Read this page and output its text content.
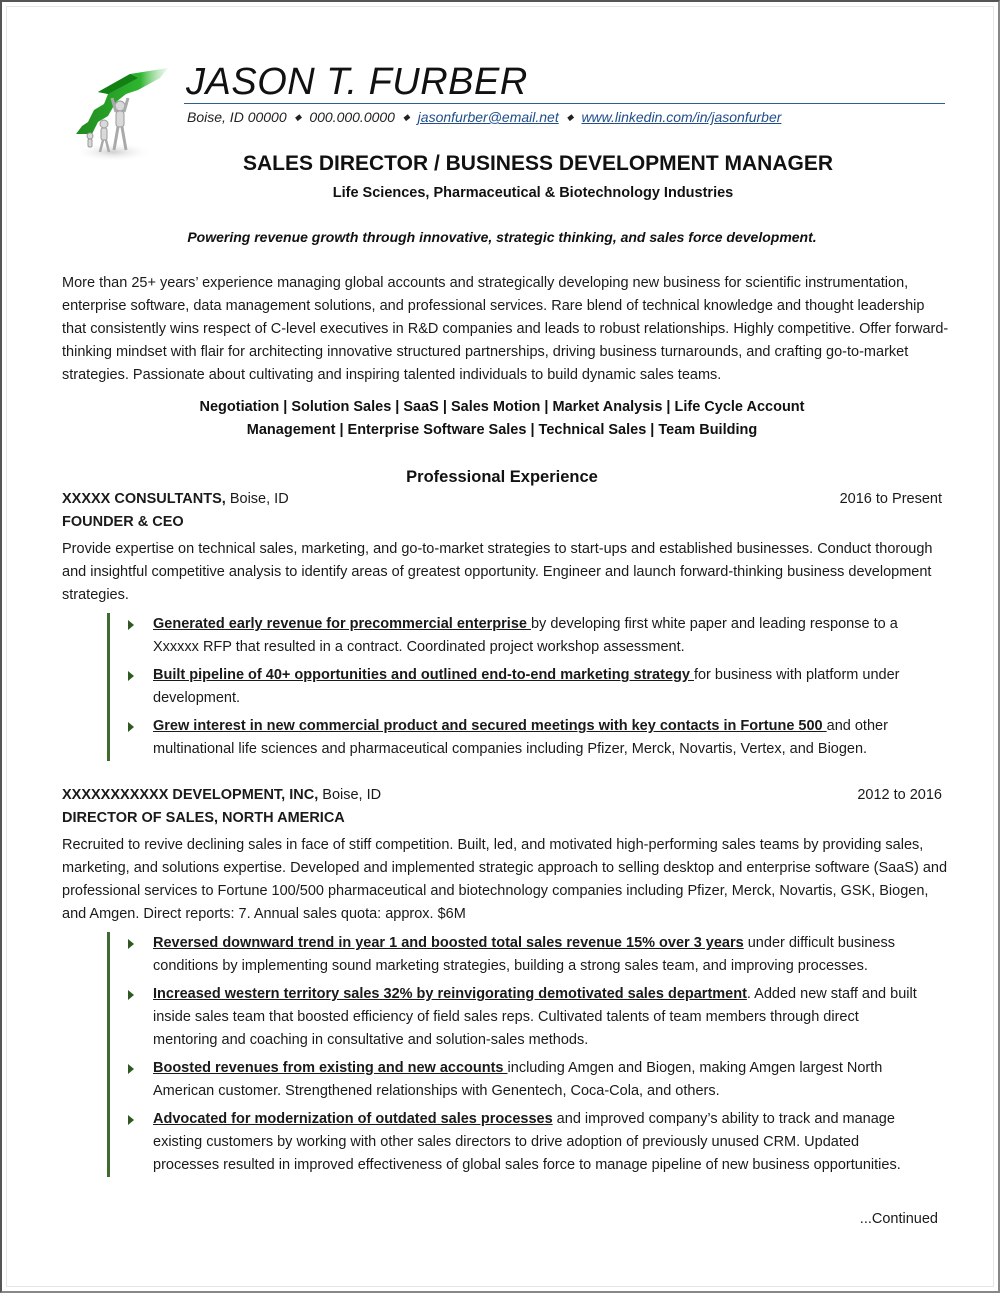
JASON T. FURBER
Boise, ID 00000 ◆ 000.000.0000 ◆ jasonfurber@email.net ◆ www.linkedin.com/in/jasonfurber
SALES DIRECTOR / BUSINESS DEVELOPMENT MANAGER
Life Sciences, Pharmaceutical & Biotechnology Industries
Powering revenue growth through innovative, strategic thinking, and sales force development.
More than 25+ years’ experience managing global accounts and strategically developing new business for scientific instrumentation, enterprise software, data management solutions, and professional services. Rare blend of technical knowledge and thought leadership that consistently wins respect of C-level executives in R&D companies and leads to robust relationships. Highly competitive. Offer forward-thinking mindset with flair for architecting innovative structured partnerships, driving business turnarounds, and crafting go-to-market strategies. Passionate about cultivating and inspiring talented individuals to build dynamic sales teams.
Negotiation | Solution Sales | SaaS | Sales Motion | Market Analysis | Life Cycle Account
Management | Enterprise Software Sales | Technical Sales | Team Building
Professional Experience
XXXXX CONSULTANTS, Boise, ID	2016 to Present
FOUNDER & CEO
Provide expertise on technical sales, marketing, and go-to-market strategies to start-ups and established businesses. Conduct thorough and insightful competitive analysis to identify areas of greatest opportunity. Engineer and launch forward-thinking business development strategies.
Generated early revenue for precommercial enterprise by developing first white paper and leading response to a Xxxxxx RFP that resulted in a contract. Coordinated project workshop assessment.
Built pipeline of 40+ opportunities and outlined end-to-end marketing strategy for business with platform under development.
Grew interest in new commercial product and secured meetings with key contacts in Fortune 500 and other multinational life sciences and pharmaceutical companies including Pfizer, Merck, Novartis, Vertex, and Biogen.
XXXXXXXXXXX DEVELOPMENT, INC, Boise, ID	2012 to 2016
DIRECTOR OF SALES, NORTH AMERICA
Recruited to revive declining sales in face of stiff competition. Built, led, and motivated high-performing sales teams by providing sales, marketing, and solutions expertise. Developed and implemented strategic approach to selling desktop and enterprise software (SaaS) and professional services to Fortune 100/500 pharmaceutical and biotechnology companies including Pfizer, Merck, Novartis, GSK, Biogen, and Amgen. Direct reports: 7. Annual sales quota: approx. $6M
Reversed downward trend in year 1 and boosted total sales revenue 15% over 3 years under difficult business conditions by implementing sound marketing strategies, building a strong sales team, and improving processes.
Increased western territory sales 32% by reinvigorating demotivated sales department. Added new staff and built inside sales team that boosted efficiency of field sales reps. Cultivated talents of team members through direct mentoring and coaching in consultative and solution-sales methods.
Boosted revenues from existing and new accounts including Amgen and Biogen, making Amgen largest North American customer. Strengthened relationships with Genentech, Coca-Cola, and others.
Advocated for modernization of outdated sales processes and improved company’s ability to track and manage existing customers by working with other sales directors to drive adoption of previously unused CRM. Updated processes resulted in improved effectiveness of global sales force to manage pipeline of new business opportunities.
...Continued
